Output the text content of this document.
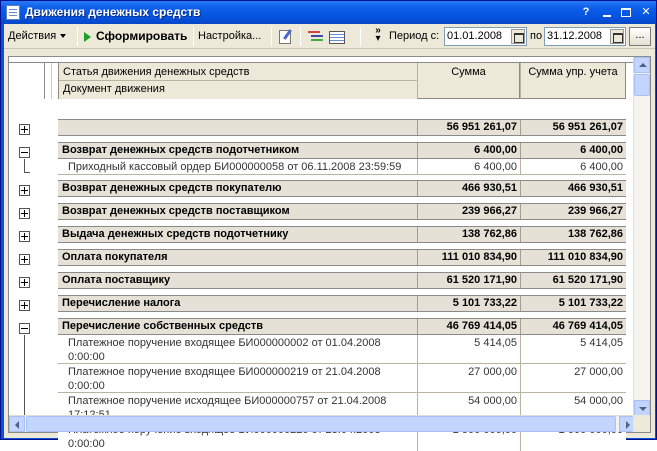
Движения денежных средств	?	✕
Действия	Сформировать Настройка...	»
▾ Период с: 01.01.2008	по 31.12.2008	...
Статья движения денежных средств
Документ движения
Сумма	Сумма упр. учета
56 951 261,07	56 951 261,07
Возврат денежных средств подотчетником	6 400,00	6 400,00
Приходный кассовый ордер БИ000000058 от 06.11.2008 23:59:59	6 400,00	6 400,00
Возврат денежных средств покупателю	466 930,51	466 930,51
Возврат денежных средств поставщиком	239 966,27	239 966,27
Выдача денежных средств подотчетнику	138 762,86	138 762,86
Оплата покупателя	111 010 834,90	111 010 834,90
Оплата поставщику	61 520 171,90	61 520 171,90
Перечисление налога	5 101 733,22	5 101 733,22
Перечисление собственных средств	46 769 414,05	46 769 414,05
Платежное поручение входящее БИ000000002 от 01.04.2008
0:00:00
5 414,05	5 414,05
Платежное поручение входящее БИ000000219 от 21.04.2008
0:00:00
27 000,00	27 000,00
Платежное поручение исходящее БИ000000757 от 21.04.2008	54 000,00	54 000,00

0:00:00
